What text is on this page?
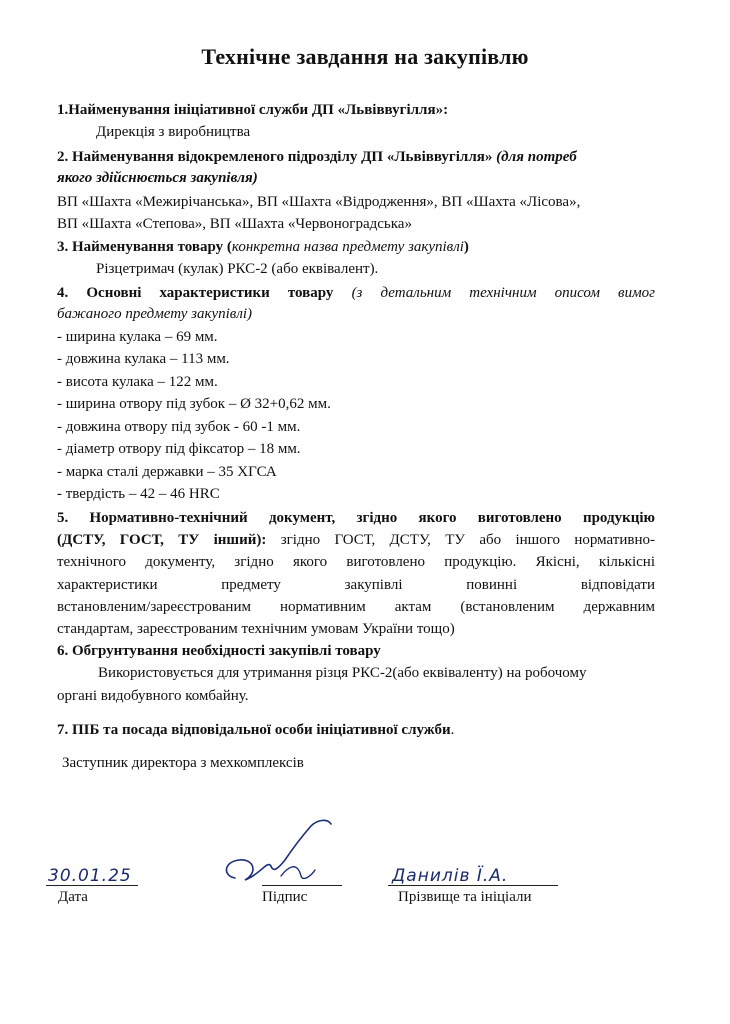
Технічне завдання на закупівлю
1.Найменування ініціативної служби ДП «Львіввугілля»:
Дирекція з виробництва
2. Найменування відокремленого підрозділу ДП «Львіввугілля» (для потреб
якого здійснюється закупівля)
ВП «Шахта «Межирічанська», ВП «Шахта «Відродження», ВП «Шахта «Лісова»,
ВП «Шахта «Степова», ВП «Шахта «Червоноградська»
3. Найменування товару (конкретна назва предмету закупівлі)
Різцетримач (кулак) РКС-2 (або еквівалент).
4. Основні характеристики товару (з детальним технічним описом вимог
бажаного предмету закупівлі)
- ширина кулака – 69 мм.
- довжина кулака – 113 мм.
- висота кулака – 122 мм.
- ширина отвору під зубок – Ø 32+0,62 мм.
- довжина отвору під зубок - 60 -1 мм.
- діаметр отвору під фіксатор – 18 мм.
- марка сталі державки – 35 ХГСА
- твердість – 42 – 46 HRC
5. Нормативно-технічний документ, згідно якого виготовлено продукцію
(ДСТУ, ГОСТ, ТУ інший): згідно ГОСТ, ДСТУ, ТУ або іншого нормативно-
технічного документу, згідно якого виготовлено продукцію. Якісні, кількісні
характеристики предмету закупівлі повинні відповідати
встановленим/зареєстрованим нормативним актам (встановленим державним
стандартам, зареєстрованим технічним умовам України тощо)
6. Обгрунтування необхідності закупівлі товару
Використовується для утримання різця РКС-2(або еквіваленту) на робочому
органі видобувного комбайну.
7. ПІБ та посада відповідальної особи ініціативної служби.
Заступник директора з мехкомплексів
30.01.25	Данилів Ї.А.
Дата	Підпис	Прізвище та ініціали
